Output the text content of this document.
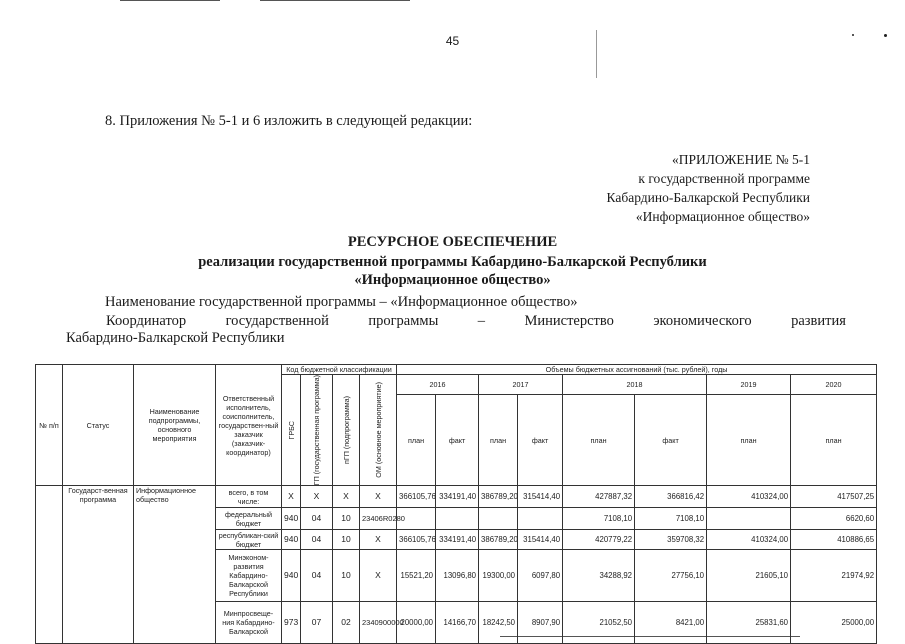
45
8. Приложения № 5-1 и 6 изложить в следующей редакции:
«ПРИЛОЖЕНИЕ № 5-1
к государственной программе
Кабардино-Балкарской Республики
«Информационное общество»
РЕСУРСНОЕ ОБЕСПЕЧЕНИЕ
реализации государственной программы Кабардино-Балкарской Республики
«Информационное общество»
Наименование государственной программы – «Информационное общество»
Координатор	государственной	программы	–	Министерство	экономического	развития
Кабардино-Балкарской Республики
№ п/п	Статус	Наименование подпрограммы, основного мероприятия	Ответственный исполнитель, соисполнитель, государствен-ный заказчик (заказчик-координатор)	Код бюджетной классификации				Объемы бюджетных ассигнований (тыс. рублей), годы							

				ГРБС	ГП (государственная программа)	пГП (подпрограмма)	ОМ (основное мероприятие)	2016		2017		2018		2019	2020
								план	факт	план	факт	план	факт	план	план
	Государст-венная программа	Информационное общество	всего, в том числе:	X	X	X	X	366105,76	334191,40	386789,20	315414,40	427887,32	366816,42	410324,00	417507,25
			федеральный бюджет	940	04	10	23406R0280					7108,10	7108,10		6620,60
			республикан-ский бюджет	940	04	10	X	366105,76	334191,40	386789,20	315414,40	420779,22	359708,32	410324,00	410886,65
			Минэконом-развития Кабардино-Балкарской Республики	940	04	10	X	15521,20	13096,80	19300,00	6097,80	34288,92	27756,10	21605,10	21974,92
			Минпросвеще-ния Кабардино-Балкарской	973	07	02	2340900000	20000,00	14166,70	18242,50	8907,90	21052,50	8421,00	25831,60	25000,00
